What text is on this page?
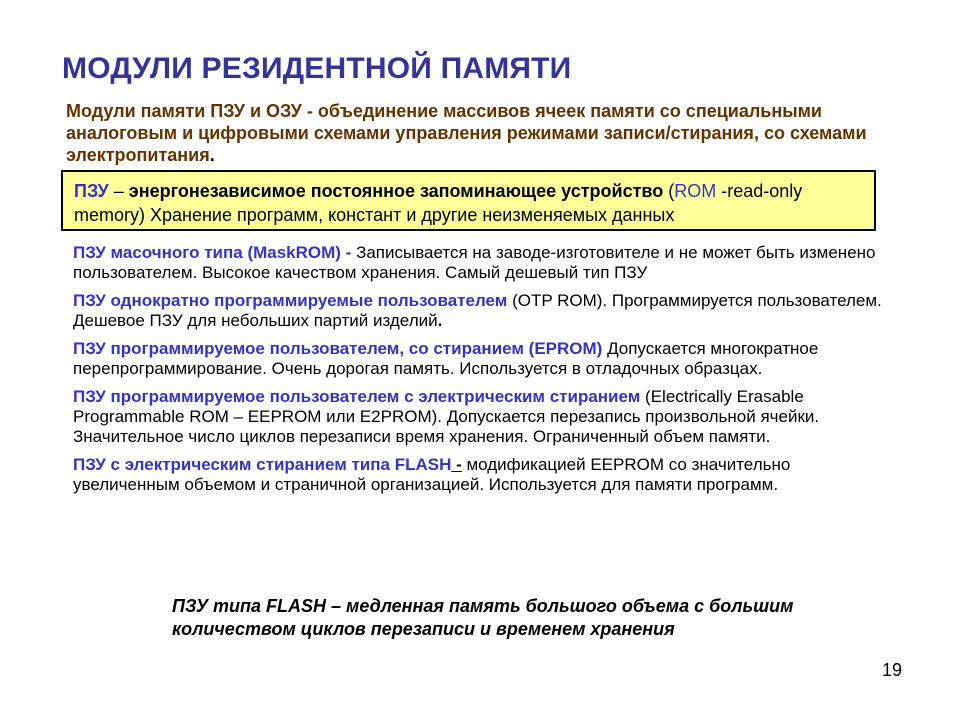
МОДУЛИ РЕЗИДЕНТНОЙ ПАМЯТИ
Модули памяти ПЗУ и ОЗУ - объединение массивов ячеек памяти со специальными аналоговым и цифровыми схемами управления режимами записи/стирания, со схемами электропитания.
ПЗУ – энергонезависимое постоянное запоминающее устройство (ROM -read-only memory) Хранение программ, констант и другие неизменяемых данных
ПЗУ масочного типа (MaskROM) - Записывается на заводе-изготовителе и не может быть изменено пользователем. Высокое качеством хранения. Самый дешевый тип ПЗУ
ПЗУ однократно программируемые пользователем (OTP ROM). Программируется пользователем. Дешевое ПЗУ для небольших партий изделий.
ПЗУ программируемое пользователем, со стиранием (EPROM) Допускается многократное перепрограммирование. Очень дорогая память. Используется в отладочных образцах.
ПЗУ программируемое пользователем с электрическим стиранием (Electrically Erasable Programmable ROM – EEPROM или E2PROM). Допускается перезапись произвольной ячейки. Значительное число циклов перезаписи время хранения. Ограниченный объем памяти.
ПЗУ с электрическим стиранием типа FLASH - модификацией EEPROM со значительно увеличенным объемом и страничной организацией. Используется для памяти программ.
ПЗУ типа FLASH – медленная память большого объема с большим количеством циклов перезаписи и временем хранения
19
